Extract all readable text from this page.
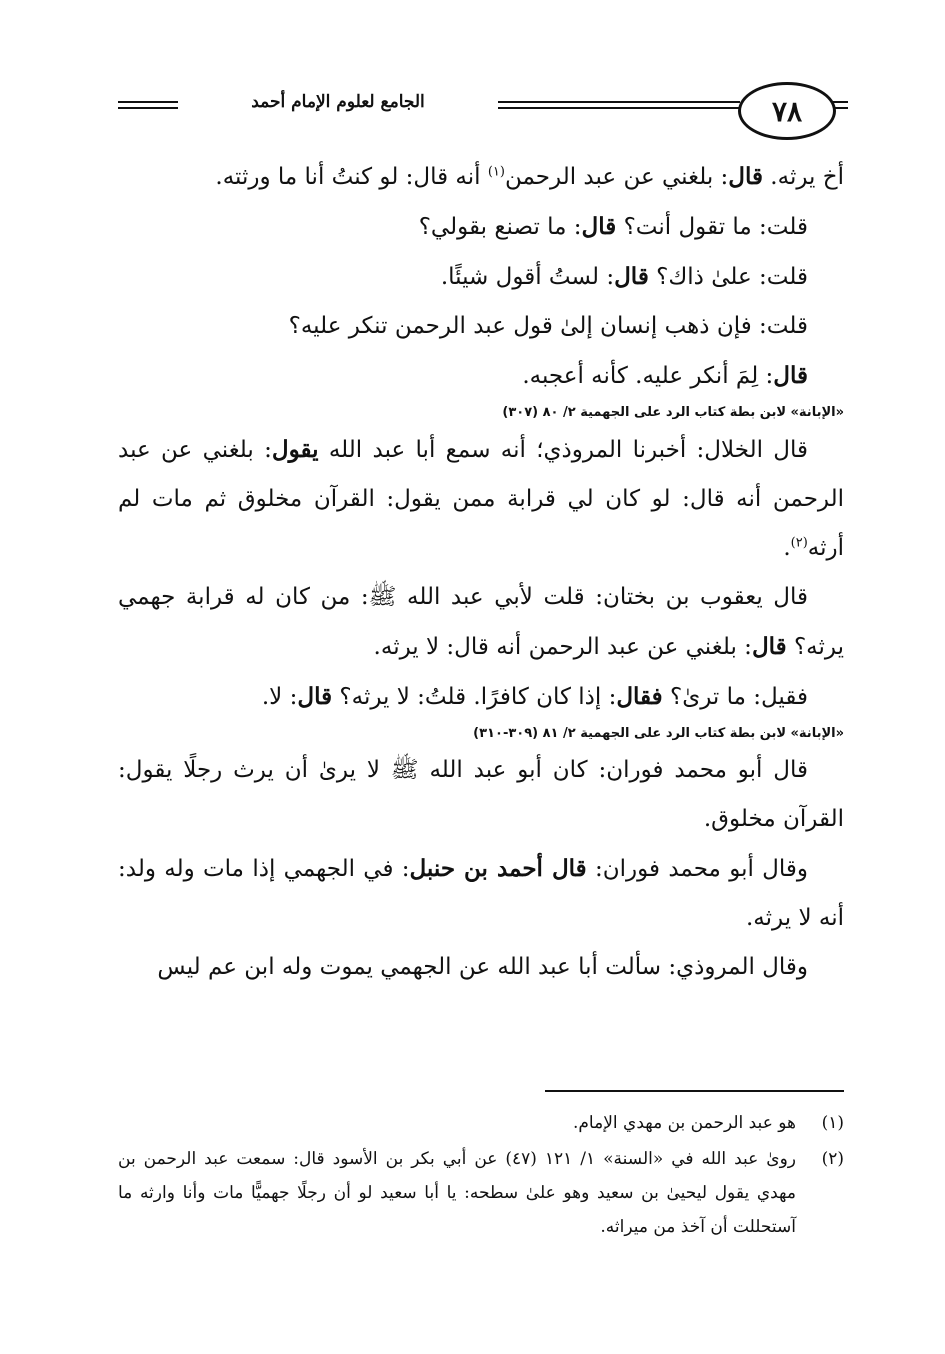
الجامع لعلوم الإمام أحمد	٧٨

أخ يرثه. قال: بلغني عن عبد الرحمن$^{(١)}$ أنه قال: لو كنتُ أنا ما ورثته.

قلت: ما تقول أنت؟ قال: ما تصنع بقولي؟

قلت: علىٰ ذاك؟ قال: لستُ أقول شيئًا.

قلت: فإن ذهب إنسان إلىٰ قول عبد الرحمن تنكر عليه؟

قال: لِمَ أنكر عليه. كأنه أعجبه.

«الإبانة» لابن بطة كتاب الرد على الجهمية ٢/ ٨٠ (٣٠٧)

قال الخلال: أخبرنا المروذي؛ أنه سمع أبا عبد الله يقول: بلغني عن عبد الرحمن أنه قال: لو كان لي قرابة ممن يقول: القرآن مخلوق ثم مات لم أرثه$^{(٢)}$.

قال يعقوب بن بختان: قلت لأبي عبد الله ﷺ: من كان له قرابة جهمي يرثه؟ قال: بلغني عن عبد الرحمن أنه قال: لا يرثه.

فقيل: ما ترىٰ؟ فقال: إذا كان كافرًا. قلتُ: لا يرثه؟ قال: لا.

«الإبانة» لابن بطة كتاب الرد على الجهمية ٢/ ٨١ (٣٠٩-٣١٠)

قال أبو محمد فوران: كان أبو عبد الله ﷺ لا يرىٰ أن يرث رجلًا يقول: القرآن مخلوق.

وقال أبو محمد فوران: قال أحمد بن حنبل: في الجهمي إذا مات وله ولد: أنه لا يرثه.

وقال المروذي: سألت أبا عبد الله عن الجهمي يموت وله ابن عم ليس

(١)
هو عبد الرحمن بن مهدي الإمام.
(٢)
روىٰ عبد الله في «السنة» ١/ ١٢١ (٤٧) عن أبي بكر بن الأسود قال: سمعت عبد الرحمن بن مهدي يقول ليحيىٰ بن سعيد وهو علىٰ سطحه: يا أبا سعيد لو أن رجلًا جهميًّا مات وأنا وارثه ما آستحللت أن آخذ من ميراثه.
